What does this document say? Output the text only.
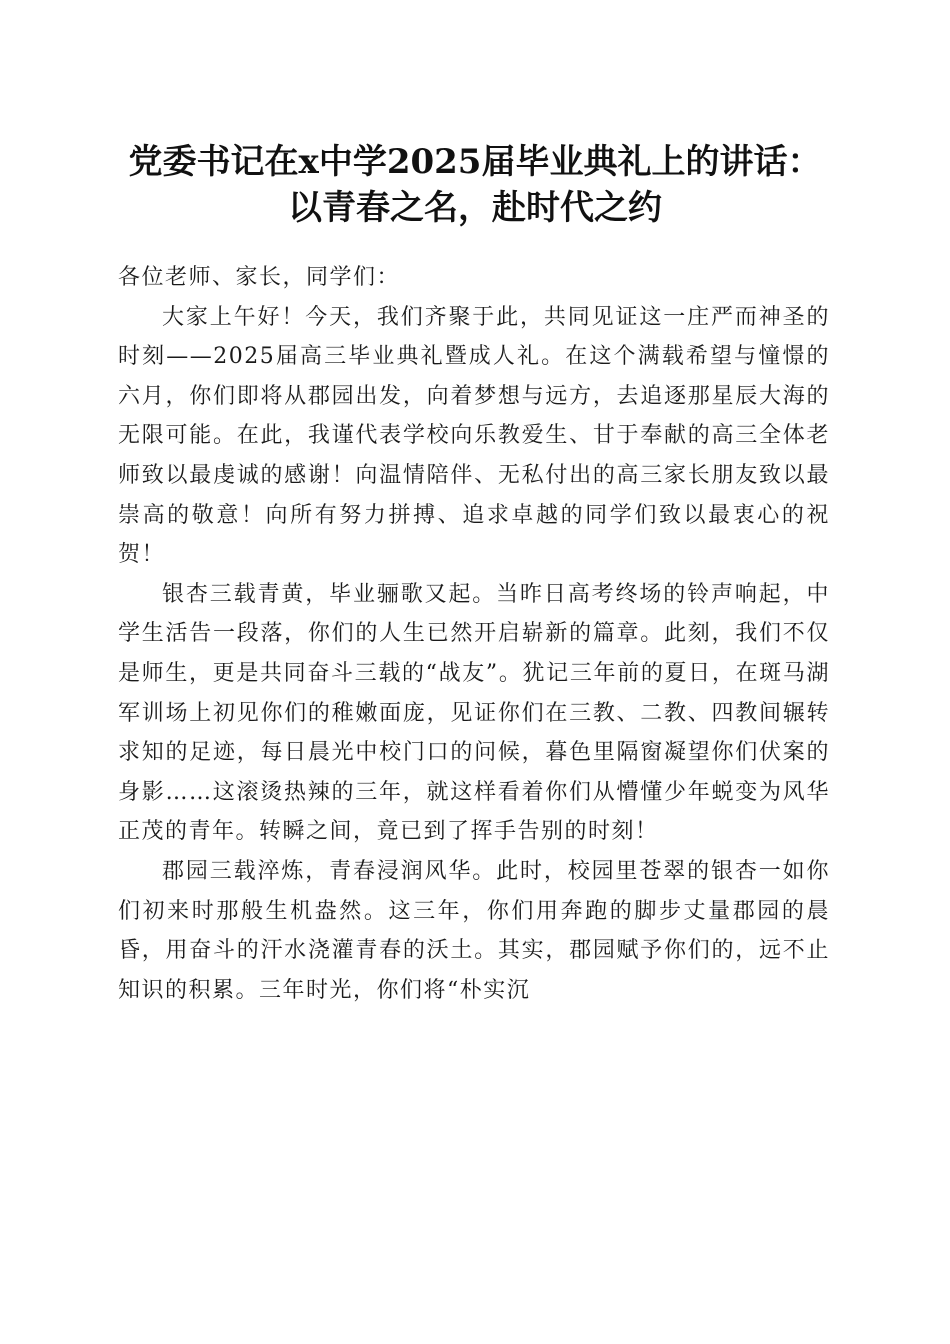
党委书记在x中学2025届毕业典礼上的讲话：
以青春之名，赴时代之约

各位老师、家长，同学们：

大家上午好！今天，我们齐聚于此，共同见证这一庄严而神圣的时刻——2025届高三毕业典礼暨成人礼。在这个满载希望与憧憬的六月，你们即将从郡园出发，向着梦想与远方，去追逐那星辰大海的无限可能。在此，我谨代表学校向乐教爱生、甘于奉献的高三全体老师致以最虔诚的感谢！向温情陪伴、无私付出的高三家长朋友致以最崇高的敬意！向所有努力拼搏、追求卓越的同学们致以最衷心的祝贺！

银杏三载青黄，毕业骊歌又起。当昨日高考终场的铃声响起，中学生活告一段落，你们的人生已然开启崭新的篇章。此刻，我们不仅是师生，更是共同奋斗三载的“战友”。犹记三年前的夏日，在斑马湖军训场上初见你们的稚嫩面庞，见证你们在三教、二教、四教间辗转求知的足迹，每日晨光中校门口的问候，暮色里隔窗凝望你们伏案的身影……这滚烫热辣的三年，就这样看着你们从懵懂少年蜕变为风华正茂的青年。转瞬之间，竟已到了挥手告别的时刻！

郡园三载淬炼，青春浸润风华。此时，校园里苍翠的银杏一如你们初来时那般生机盎然。这三年，你们用奔跑的脚步丈量郡园的晨昏，用奋斗的汗水浇灌青春的沃土。其实，郡园赋予你们的，远不止知识的积累。三年时光，你们将“朴实沉
